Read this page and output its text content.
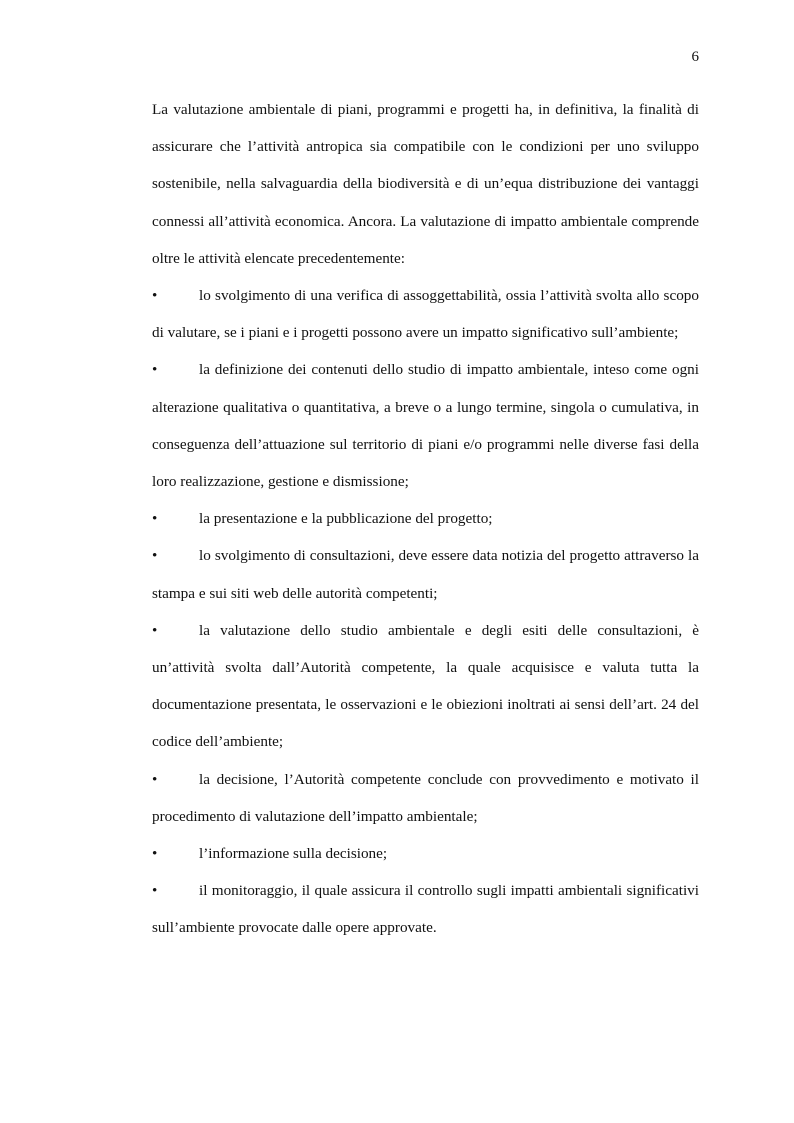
6

La valutazione ambientale di piani, programmi e progetti ha, in definitiva, la finalità di assicurare che l’attività antropica sia compatibile con le condizioni per uno sviluppo sostenibile, nella salvaguardia della biodiversità e di un’equa distribuzione dei vantaggi connessi all’attività economica. Ancora. La valutazione di impatto ambientale comprende oltre le attività elencate precedentemente:

•	lo svolgimento di una verifica di assoggettabilità, ossia l’attività svolta allo scopo di valutare, se i piani e i progetti possono avere un impatto significativo sull’ambiente;

•	la definizione dei contenuti dello studio di impatto ambientale, inteso come ogni alterazione qualitativa o quantitativa, a breve o a lungo termine, singola o cumulativa, in conseguenza dell’attuazione sul territorio di piani e/o programmi nelle diverse fasi della loro realizzazione, gestione e dismissione;

•	la presentazione e la pubblicazione del progetto;

•	lo svolgimento di consultazioni, deve essere data notizia del progetto attraverso la stampa e sui siti web delle autorità competenti;

•	la valutazione dello studio ambientale e degli esiti delle consultazioni, è un’attività svolta dall’Autorità competente, la quale acquisisce e valuta tutta la documentazione presentata, le osservazioni e le obiezioni inoltrati ai sensi dell’art. 24 del codice dell’ambiente;

•	la decisione, l’Autorità competente conclude con provvedimento e motivato il procedimento di valutazione dell’impatto ambientale;

•	l’informazione sulla decisione;

•	il monitoraggio, il quale assicura il controllo sugli impatti ambientali significativi sull’ambiente provocate dalle opere approvate.
